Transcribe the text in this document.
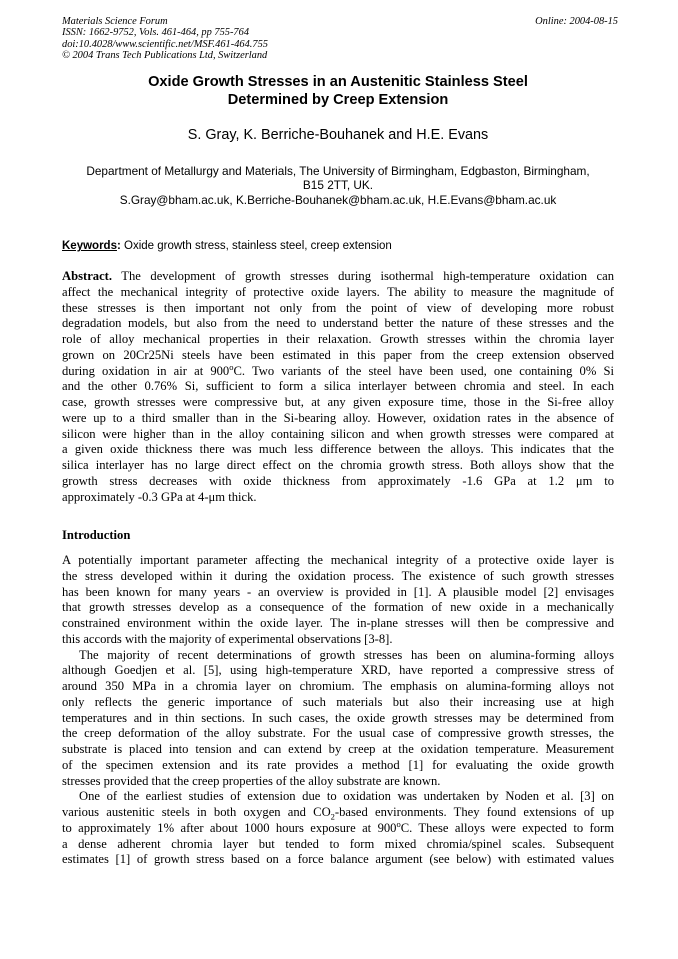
Materials Science Forum
ISSN: 1662-9752, Vols. 461-464, pp 755-764
doi:10.4028/www.scientific.net/MSF.461-464.755
© 2004 Trans Tech Publications Ltd, Switzerland
Online: 2004-08-15
Oxide Growth Stresses in an Austenitic Stainless Steel
Determined by Creep Extension
S. Gray, K. Berriche-Bouhanek and H.E. Evans
Department of Metallurgy and Materials, The University of Birmingham, Edgbaston, Birmingham,
B15 2TT, UK.
S.Gray@bham.ac.uk, K.Berriche-Bouhanek@bham.ac.uk, H.E.Evans@bham.ac.uk
Keywords: Oxide growth stress, stainless steel, creep extension
Abstract. The development of growth stresses during isothermal high-temperature oxidation can
affect the mechanical integrity of protective oxide layers. The ability to measure the magnitude of
these stresses is then important not only from the point of view of developing more robust
degradation models, but also from the need to understand better the nature of these stresses and the
role of alloy mechanical properties in their relaxation. Growth stresses within the chromia layer
grown on 20Cr25Ni steels have been estimated in this paper from the creep extension observed
during oxidation in air at 900$^o$C. Two variants of the steel have been used, one containing 0% Si
and the other 0.76% Si, sufficient to form a silica interlayer between chromia and steel. In each
case, growth stresses were compressive but, at any given exposure time, those in the Si-free alloy
were up to a third smaller than in the Si-bearing alloy. However, oxidation rates in the absence of
silicon were higher than in the alloy containing silicon and when growth stresses were compared at
a given oxide thickness there was much less difference between the alloys. This indicates that the
silica interlayer has no large direct effect on the chromia growth stress. Both alloys show that the
growth stress decreases with oxide thickness from approximately -1.6 GPa at 1.2 μm to
approximately -0.3 GPa at 4-μm thick.
Introduction
A potentially important parameter affecting the mechanical integrity of a protective oxide layer is
the stress developed within it during the oxidation process. The existence of such growth stresses
has been known for many years - an overview is provided in [1]. A plausible model [2] envisages
that growth stresses develop as a consequence of the formation of new oxide in a mechanically
constrained environment within the oxide layer. The in-plane stresses will then be compressive and
this accords with the majority of experimental observations [3-8].
The majority of recent determinations of growth stresses has been on alumina-forming alloys
although Goedjen et al. [5], using high-temperature XRD, have reported a compressive stress of
around 350 MPa in a chromia layer on chromium. The emphasis on alumina-forming alloys not
only reflects the generic importance of such materials but also their increasing use at high
temperatures and in thin sections. In such cases, the oxide growth stresses may be determined from
the creep deformation of the alloy substrate. For the usual case of compressive growth stresses, the
substrate is placed into tension and can extend by creep at the oxidation temperature. Measurement
of the specimen extension and its rate provides a method [1] for evaluating the oxide growth
stresses provided that the creep properties of the alloy substrate are known.
One of the earliest studies of extension due to oxidation was undertaken by Noden et al. [3] on
various austenitic steels in both oxygen and $CO_2$-based environments. They found extensions of up
to approximately 1% after about 1000 hours exposure at 900$^o$C. These alloys were expected to form
a dense adherent chromia layer but tended to form mixed chromia/spinel scales. Subsequent
estimates [1] of growth stress based on a force balance argument (see below) with estimated values
